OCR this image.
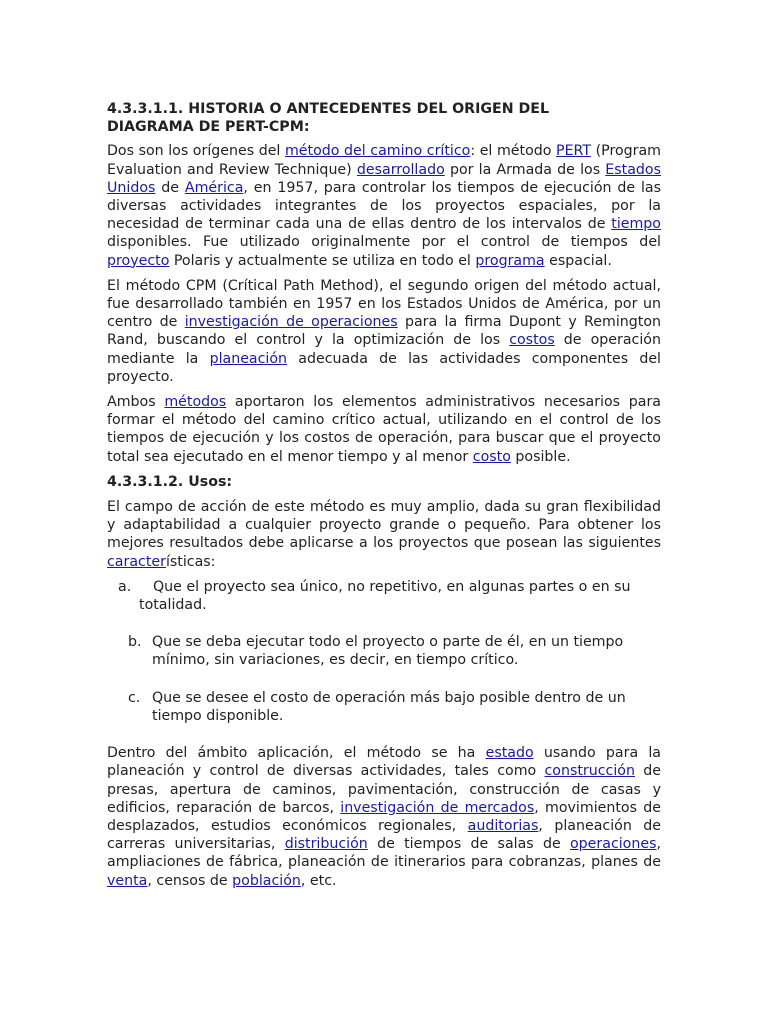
4.3.3.1.1. HISTORIA O ANTECEDENTES DEL ORIGEN DEL
DIAGRAMA DE PERT-CPM:

Dos son los orígenes del método del camino crítico: el método PERT (Program Evaluation and Review Technique) desarrollado por la Armada de los Estados Unidos de América, en 1957, para controlar los tiempos de ejecución de las diversas actividades integrantes de los proyectos espaciales, por la necesidad de terminar cada una de ellas dentro de los intervalos de tiempo disponibles. Fue utilizado originalmente por el control de tiempos del proyecto Polaris y actualmente se utiliza en todo el programa espacial.

El método CPM (Crítical Path Method), el segundo origen del método actual, fue desarrollado también en 1957 en los Estados Unidos de América, por un centro de investigación de operaciones para la firma Dupont y Remington Rand, buscando el control y la optimización de los costos de operación mediante la planeación adecuada de las actividades componentes del proyecto.

Ambos métodos aportaron los elementos administrativos necesarios para formar el método del camino crítico actual, utilizando en el control de los tiempos de ejecución y los costos de operación, para buscar que el proyecto total sea ejecutado en el menor tiempo y al menor costo posible.

4.3.3.1.2. Usos:

El campo de acción de este método es muy amplio, dada su gran flexibilidad y adaptabilidad a cualquier proyecto grande o pequeño. Para obtener los mejores resultados debe aplicarse a los proyectos que posean las siguientes características:

a. Que el proyecto sea único, no repetitivo, en algunas partes o en su totalidad.
b. Que se deba ejecutar todo el proyecto o parte de él, en un tiempo mínimo, sin variaciones, es decir, en tiempo crítico.
c. Que se desee el costo de operación más bajo posible dentro de un tiempo disponible.

Dentro del ámbito aplicación, el método se ha estado usando para la planeación y control de diversas actividades, tales como construcción de presas, apertura de caminos, pavimentación, construcción de casas y edificios, reparación de barcos, investigación de mercados, movimientos de desplazados, estudios económicos regionales, auditorias, planeación de carreras universitarias, distribución de tiempos de salas de operaciones, ampliaciones de fábrica, planeación de itinerarios para cobranzas, planes de venta, censos de población, etc.
